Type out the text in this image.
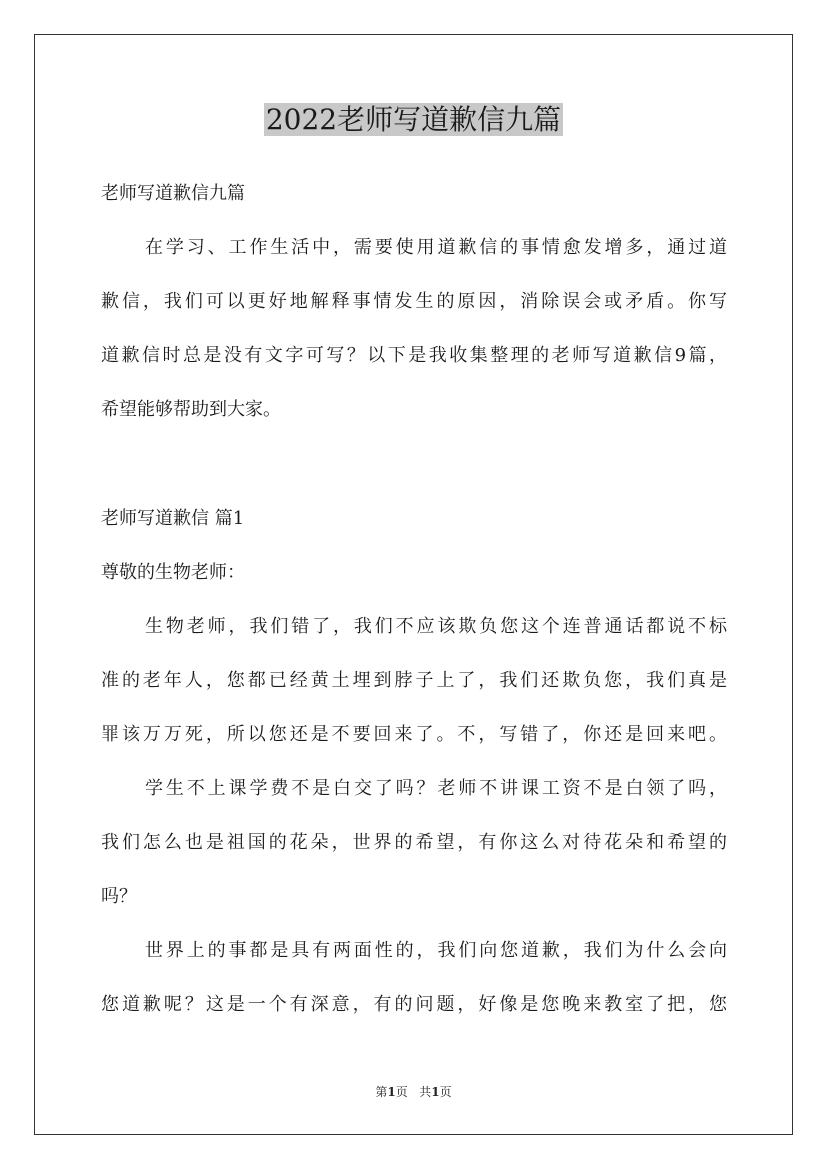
2022老师写道歉信九篇
老师写道歉信九篇
在学习、工作生活中，需要使用道歉信的事情愈发增多，通过道
歉信，我们可以更好地解释事情发生的原因，消除误会或矛盾。你写
道歉信时总是没有文字可写？以下是我收集整理的老师写道歉信9篇，
希望能够帮助到大家。
老师写道歉信 篇1
尊敬的生物老师：
生物老师，我们错了，我们不应该欺负您这个连普通话都说不标
准的老年人，您都已经黄土埋到脖子上了，我们还欺负您，我们真是
罪该万万死，所以您还是不要回来了。不，写错了，你还是回来吧。
学生不上课学费不是白交了吗？老师不讲课工资不是白领了吗，
我们怎么也是祖国的花朵，世界的希望，有你这么对待花朵和希望的
吗？
世界上的事都是具有两面性的，我们向您道歉，我们为什么会向
您道歉呢？这是一个有深意，有的问题，好像是您晚来教室了把，您
第1页 共1页
